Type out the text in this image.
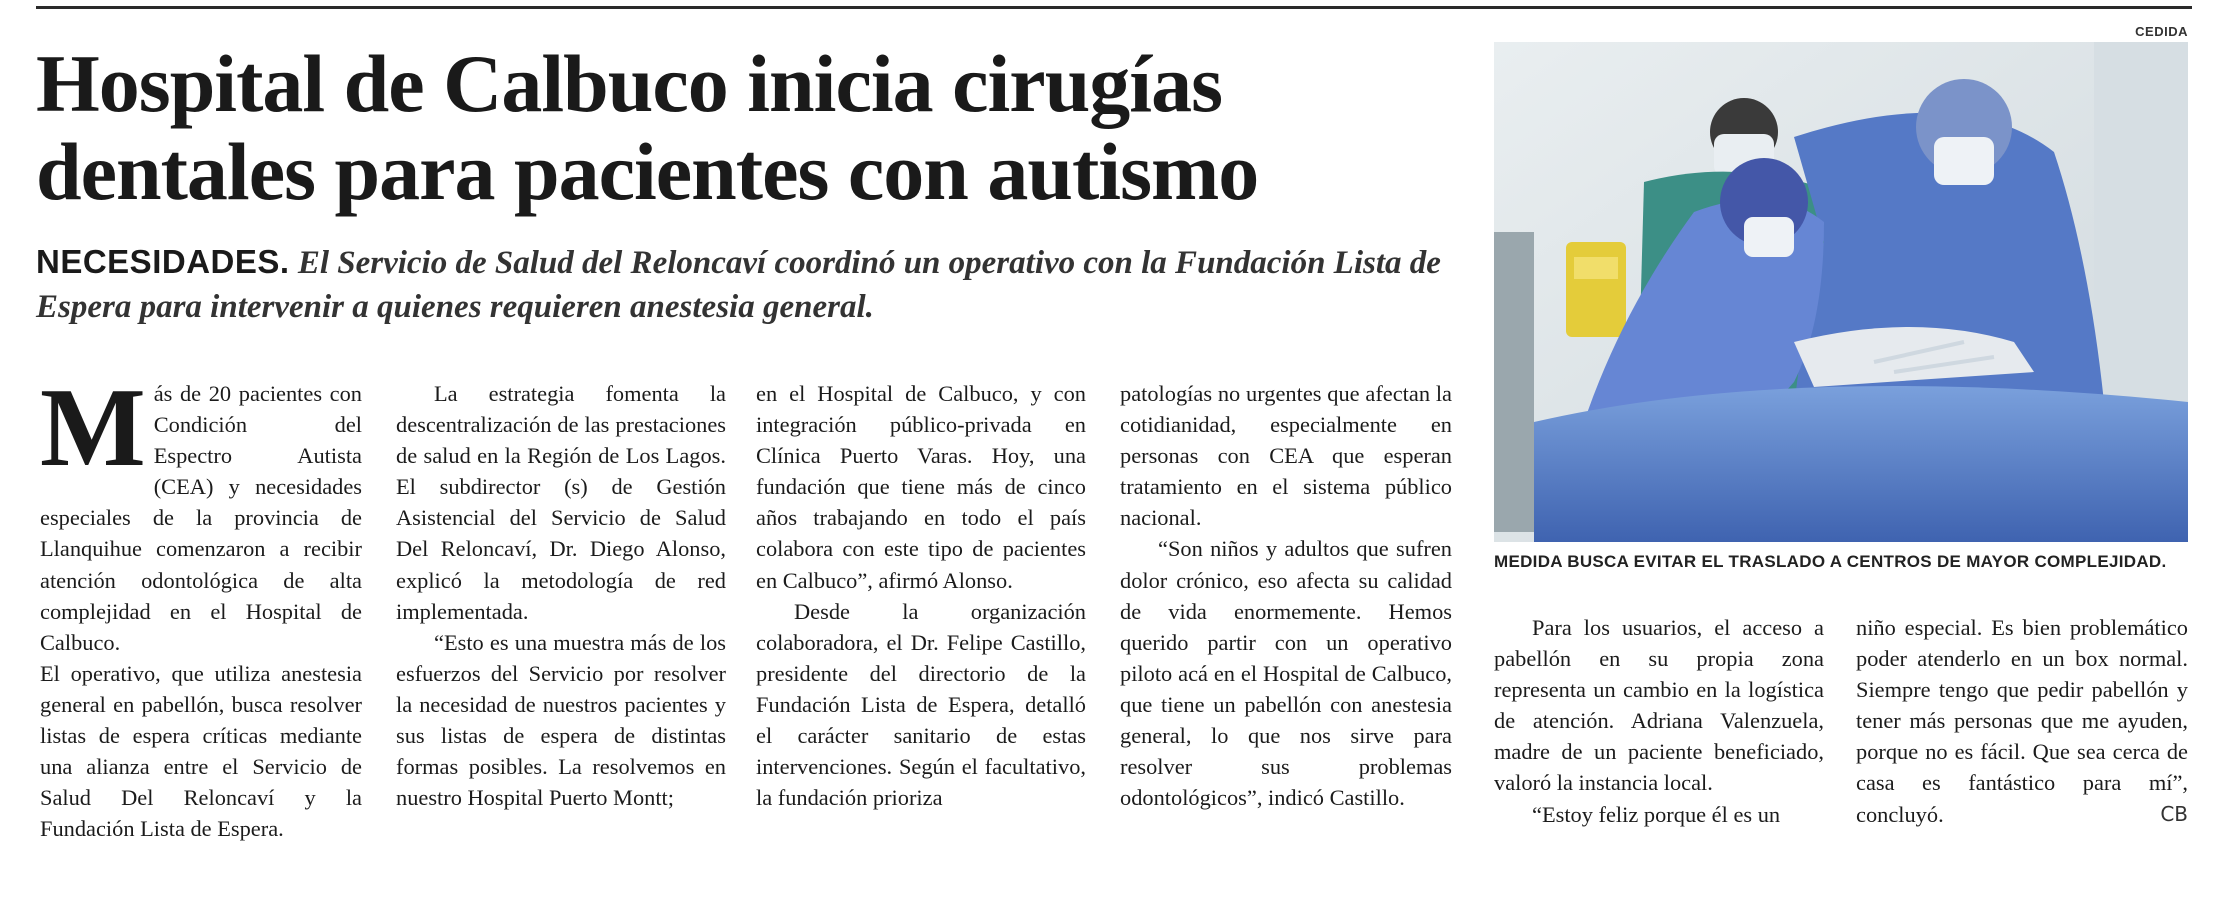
CEDIDA
Hospital de Calbuco inicia cirugías
dentales para pacientes con autismo

NECESIDADES. El Servicio de Salud del Reloncaví coordinó un operativo con la Fundación Lista de Espera para intervenir a quienes requieren anestesia general.

Más de 20 pacientes con Condición del Espectro Autista (CEA) y necesidades especiales de la provincia de Llanquihue comenzaron a recibir atención odontológica de alta complejidad en el Hospital de Calbuco.

El operativo, que utiliza anestesia general en pabellón, busca resolver listas de espera críticas mediante una alianza entre el Servicio de Salud Del Reloncaví y la Fundación Lista de Espera.

La estrategia fomenta la descentralización de las prestaciones de salud en la Región de Los Lagos. El subdirector (s) de Gestión Asistencial del Servicio de Salud Del Reloncaví, Dr. Diego Alonso, explicó la metodología de red implementada.

“Esto es una muestra más de los esfuerzos del Servicio por resolver la necesidad de nuestros pacientes y sus listas de espera de distintas formas posibles. La resolvemos en nuestro Hospital Puerto Montt;

en el Hospital de Calbuco, y con integración público-privada en Clínica Puerto Varas. Hoy, una fundación que tiene más de cinco años trabajando en todo el país colabora con este tipo de pacientes en Calbuco”, afirmó Alonso.

Desde la organización colaboradora, el Dr. Felipe Castillo, presidente del directorio de la Fundación Lista de Espera, detalló el carácter sanitario de estas intervenciones. Según el facultativo, la fundación prioriza

patologías no urgentes que afectan la cotidianidad, especialmente en personas con CEA que esperan tratamiento en el sistema público nacional.

“Son niños y adultos que sufren dolor crónico, eso afecta su calidad de vida enormemente. Hemos querido partir con un operativo piloto acá en el Hospital de Calbuco, que tiene un pabellón con anestesia general, lo que nos sirve para resolver sus problemas odontológicos”, indicó Castillo.

MEDIDA BUSCA EVITAR EL TRASLADO A CENTROS DE MAYOR COMPLEJIDAD.

Para los usuarios, el acceso a pabellón en su propia zona representa un cambio en la logística de atención. Adriana Valenzuela, madre de un paciente beneficiado, valoró la instancia local.

“Estoy feliz porque él es un

niño especial. Es bien problemático poder atenderlo en un box normal. Siempre tengo que pedir pabellón y tener más personas que me ayuden, porque no es fácil. Que sea cerca de casa es fantástico para mí”, concluyó.	CB
